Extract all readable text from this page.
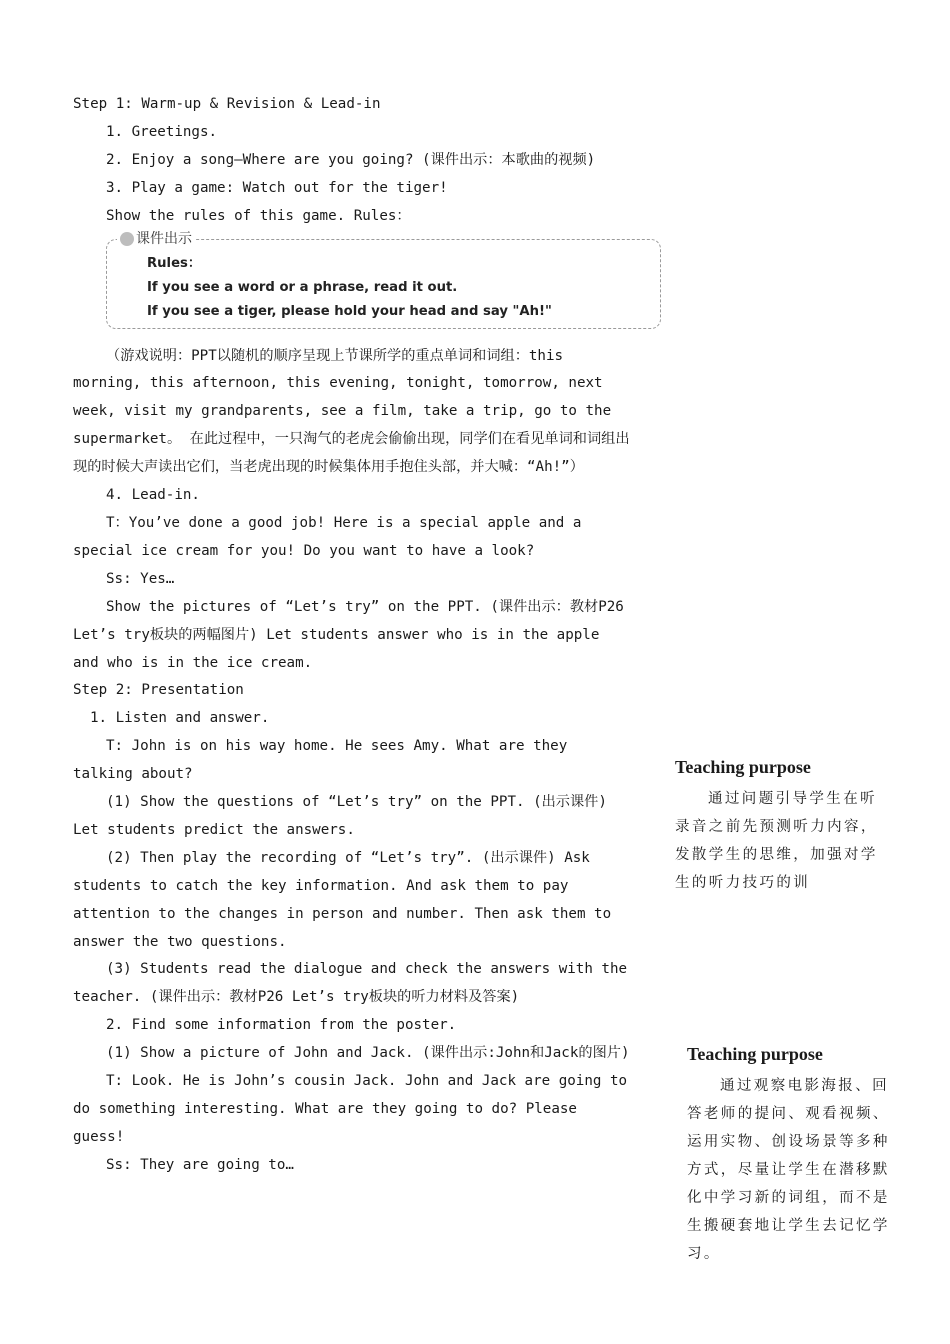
Step 1: Warm-up & Revision & Lead-in

1. Greetings.

2. Enjoy a song—Where are you going? (课件出示：本歌曲的视频)

3. Play a game: Watch out for the tiger!

Show the rules of this game. Rules：

课件出示
Rules：
If you see a word or a phrase, read it out.
If you see a tiger, please hold your head and say "Ah!"

（游戏说明：PPT以随机的顺序呈现上节课所学的重点单词和词组：this morning, this afternoon, this evening, tonight, tomorrow, next week, visit my grandparents, see a film, take a trip, go to the supermarket。 在此过程中，一只淘气的老虎会偷偷出现，同学们在看见单词和词组出现的时候大声读出它们，当老虎出现的时候集体用手抱住头部，并大喊：“Ah!”）

4. Lead-in.

T：You’ve done a good job! Here is a special apple and a special ice cream for you! Do you want to have a look?

Ss: Yes…

Show the pictures of “Let’s try” on the PPT. (课件出示：教材P26 Let’s try板块的两幅图片) Let students answer who is in the apple and who is in the ice cream.

Step 2: Presentation

1. Listen and answer.

T: John is on his way home. He sees Amy. What are they talking about?

(1) Show the questions of “Let’s try” on the PPT. (出示课件) Let students predict the answers.

(2) Then play the recording of “Let’s try”. (出示课件) Ask students to catch the key information. And ask them to pay attention to the changes in person and number. Then ask them to answer the two questions.

(3) Students read the dialogue and check the answers with the teacher. (课件出示：教材P26 Let’s try板块的听力材料及答案)

2. Find some information from the poster.

(1) Show a picture of John and Jack. (课件出示:John和Jack的图片)

T: Look. He is John’s cousin Jack. John and Jack are going to do something interesting. What are they going to do? Please guess!

Ss: They are going to…

Teaching purpose
通过问题引导学生在听录音之前先预测听力内容，发散学生的思维，加强对学生的听力技巧的训
Teaching purpose
通过观察电影海报、回答老师的提问、观看视频、运用实物、创设场景等多种方式，尽量让学生在潜移默化中学习新的词组，而不是生搬硬套地让学生去记忆学习。
